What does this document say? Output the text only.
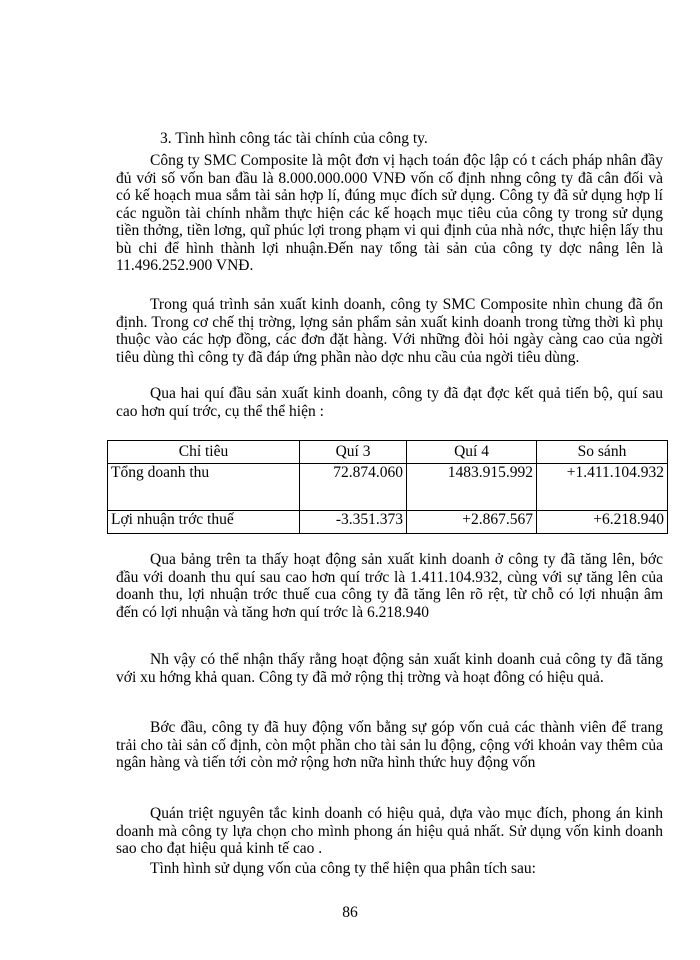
3. Tình hình công tác tài chính của công ty.

Công ty SMC Composite là một đơn vị hạch toán độc lập có t cách pháp nhân đầy đủ với số vốn ban đầu là 8.000.000.000 VNĐ vốn cố định nhng công ty đã cân đối và có kế hoạch mua sắm tài sản hợp lí, đúng mục đích sử dụng. Công ty đã sử dụng hợp lí các nguồn tài chính nhằm thực hiện các kế hoạch mục tiêu của công ty trong sử dụng tiền thởng, tiền lơng, quĩ phúc lợi trong phạm vi qui định của nhà nớc, thực hiện lấy thu bù chi để hình thành lợi nhuận.Đến nay tổng tài sản của công ty dợc nâng lên là 11.496.252.900 VNĐ.

Trong quá trình sản xuất kinh doanh, công ty SMC Composite nhìn chung đã ổn định. Trong cơ chế thị trờng, lợng sản phẩm sản xuất kinh doanh trong từng thời kì phụ thuộc vào các hợp đồng, các đơn đặt hàng. Với những đòi hỏi ngày càng cao của ngời tiêu dùng thì công ty đã đáp ứng phần nào dợc nhu cầu của ngời tiêu dùng.

Qua hai quí đầu sản xuất kinh doanh, công ty đã đạt đợc kết quả tiến bộ, quí sau cao hơn quí trớc, cụ thể thể hiện :

Chỉ tiêu	Quí 3	Quí 4	So sánh
Tổng doanh thu	72.874.060	1483.915.992	+1.411.104.932
Lợi nhuận trớc thuế	-3.351.373	+2.867.567	+6.218.940

Qua bảng trên ta thấy hoạt động sản xuất kinh doanh ở công ty đã tăng lên, bớc đầu với doanh thu quí sau cao hơn quí trớc là 1.411.104.932, cùng với sự tăng lên của doanh thu, lợi nhuận trớc thuế cua công ty đã tăng lên rõ rệt, từ chỗ có lợi nhuận âm đến có lợi nhuận và tăng hơn quí trớc là 6.218.940

Nh vậy có thể nhận thấy rằng hoạt động sản xuất kinh doanh cuả công ty đã tăng với xu hớng khả quan. Công ty đã mở rộng thị trờng và hoạt đông có hiệu quả.

Bớc đầu, công ty đã huy động vốn bằng sự góp vốn cuả các thành viên để trang trải cho tài sản cố định, còn một phần cho tài sản lu động, cộng với khoản vay thêm của ngân hàng và tiến tới còn mở rộng hơn nữa hình thức huy động vốn

Quán triệt nguyên tắc kinh doanh có hiệu quả, dựa vào mục đích, phong án kinh doanh mà công ty lựa chọn cho mình phong án hiệu quả nhất. Sử dụng vốn kinh doanh sao cho đạt hiệu quả kinh tế cao .

Tình hình sử dụng vốn của công ty thể hiện qua phân tích sau:

86
